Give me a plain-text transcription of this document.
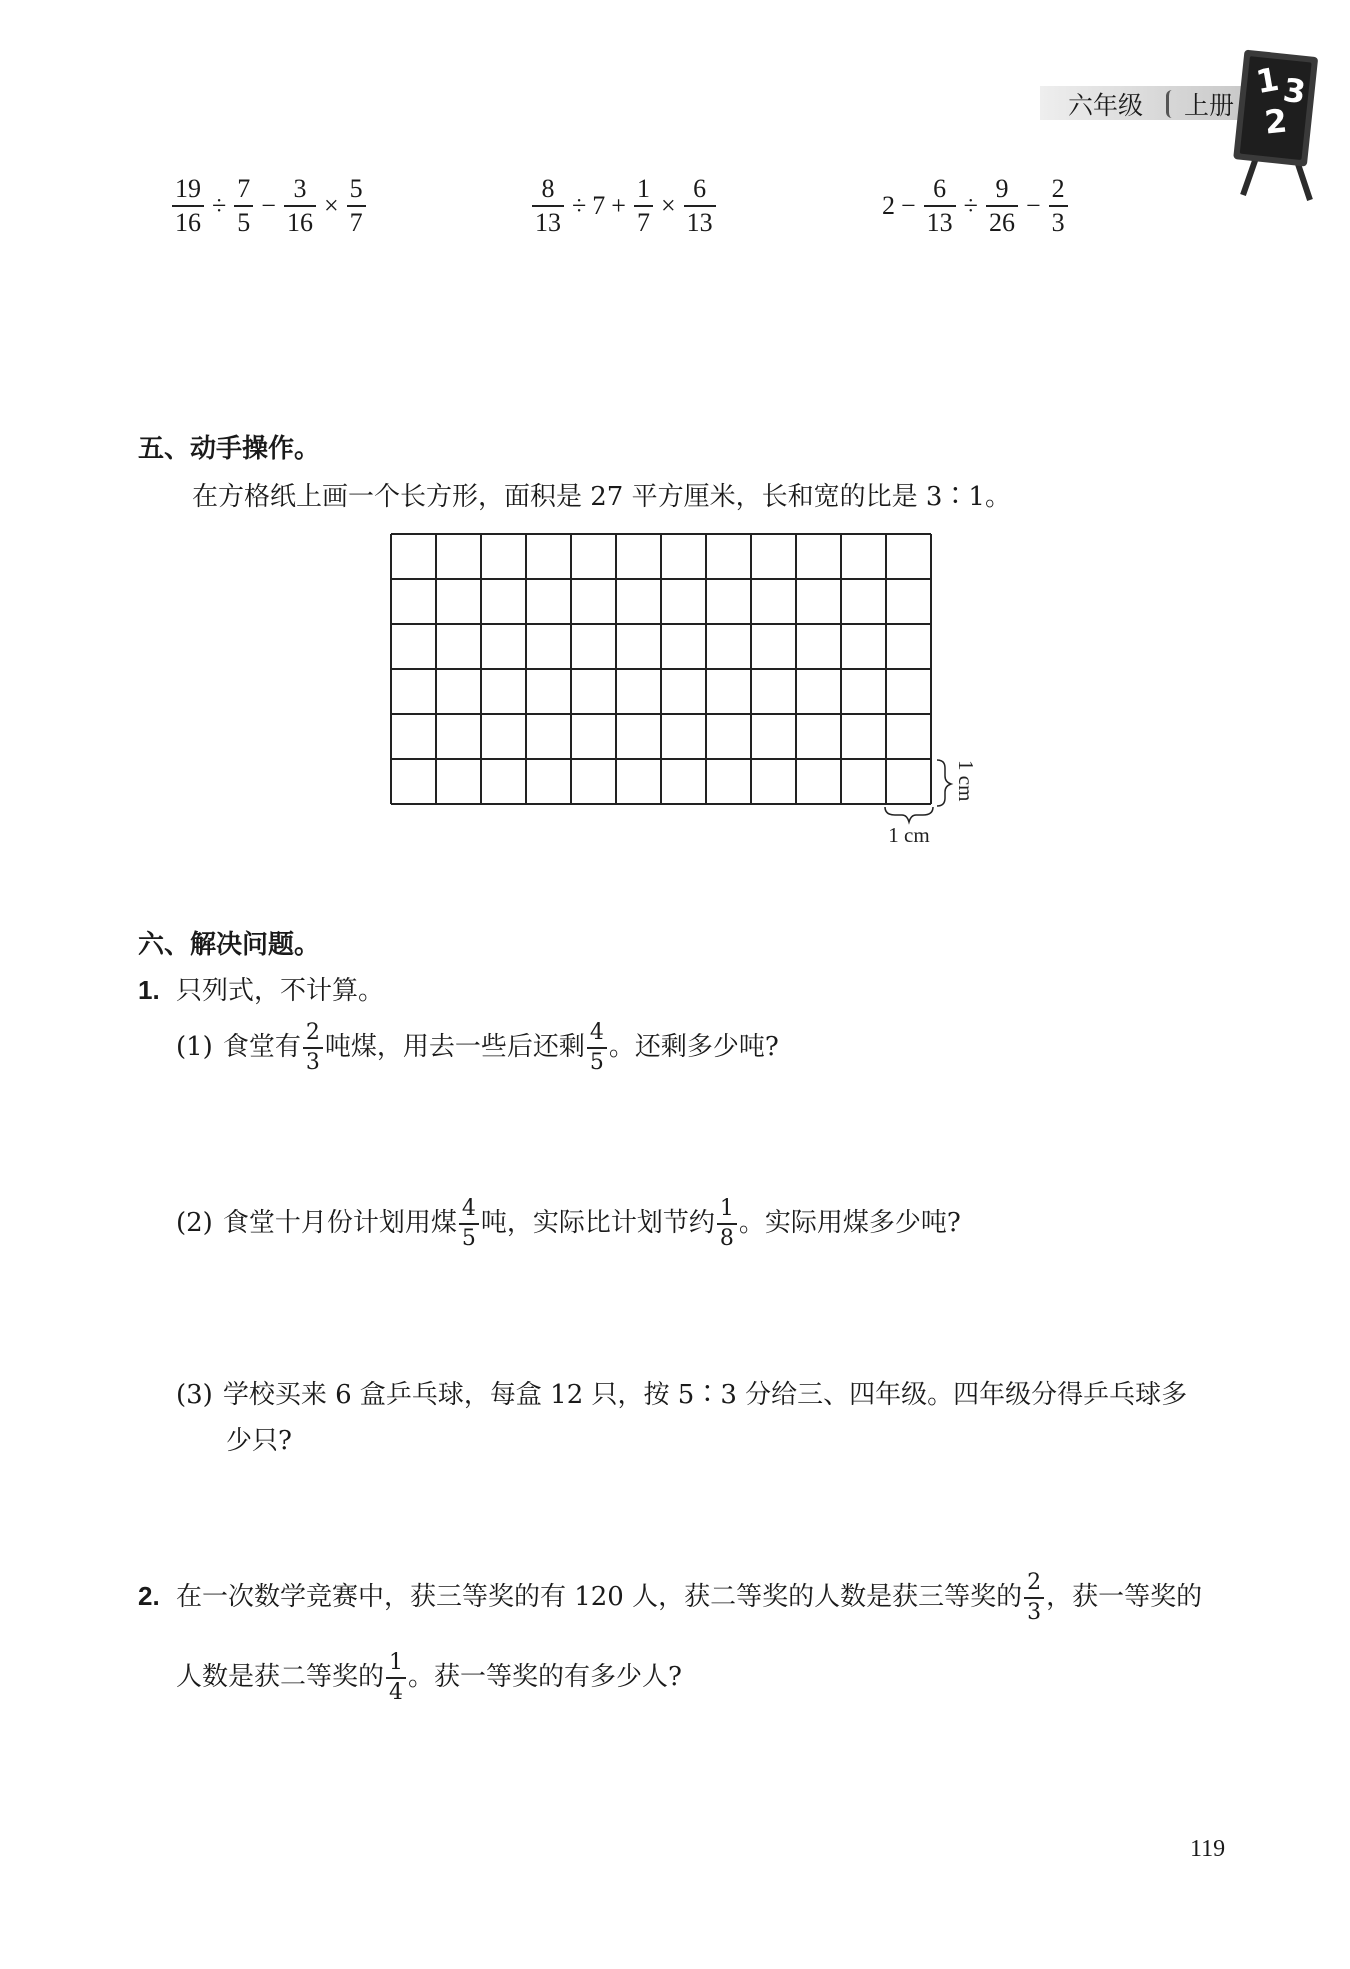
六年级 上册
1 3
2
$\frac{19}{16} \div \frac{7}{5} - \frac{3}{16} \times \frac{5}{7}$	$\frac{8}{13} \div 7 + \frac{1}{7} \times \frac{6}{13}$	$2 - \frac{6}{13} \div \frac{9}{26} - \frac{2}{3}$
五、动手操作。
在方格纸上画一个长方形，面积是 27 平方厘米，长和宽的比是 3∶1。
1 cm
1 cm
六、解决问题。
1. 只列式，不计算。
(1) 食堂有 $\frac{2}{3}$ 吨煤，用去一些后还剩 $\frac{4}{5}$ 。还剩多少吨?
(2) 食堂十月份计划用煤 $\frac{4}{5}$ 吨，实际比计划节约 $\frac{1}{8}$ 。实际用煤多少吨?
(3) 学校买来 6 盒乒乓球，每盒 12 只，按 5∶3 分给三、四年级。四年级分得乒乓球多
少只?
2. 在一次数学竞赛中，获三等奖的有 120 人，获二等奖的人数是获三等奖的 $\frac{2}{3}$ ，获一等奖的
人数是获二等奖的 $\frac{1}{4}$ 。获一等奖的有多少人?
119
